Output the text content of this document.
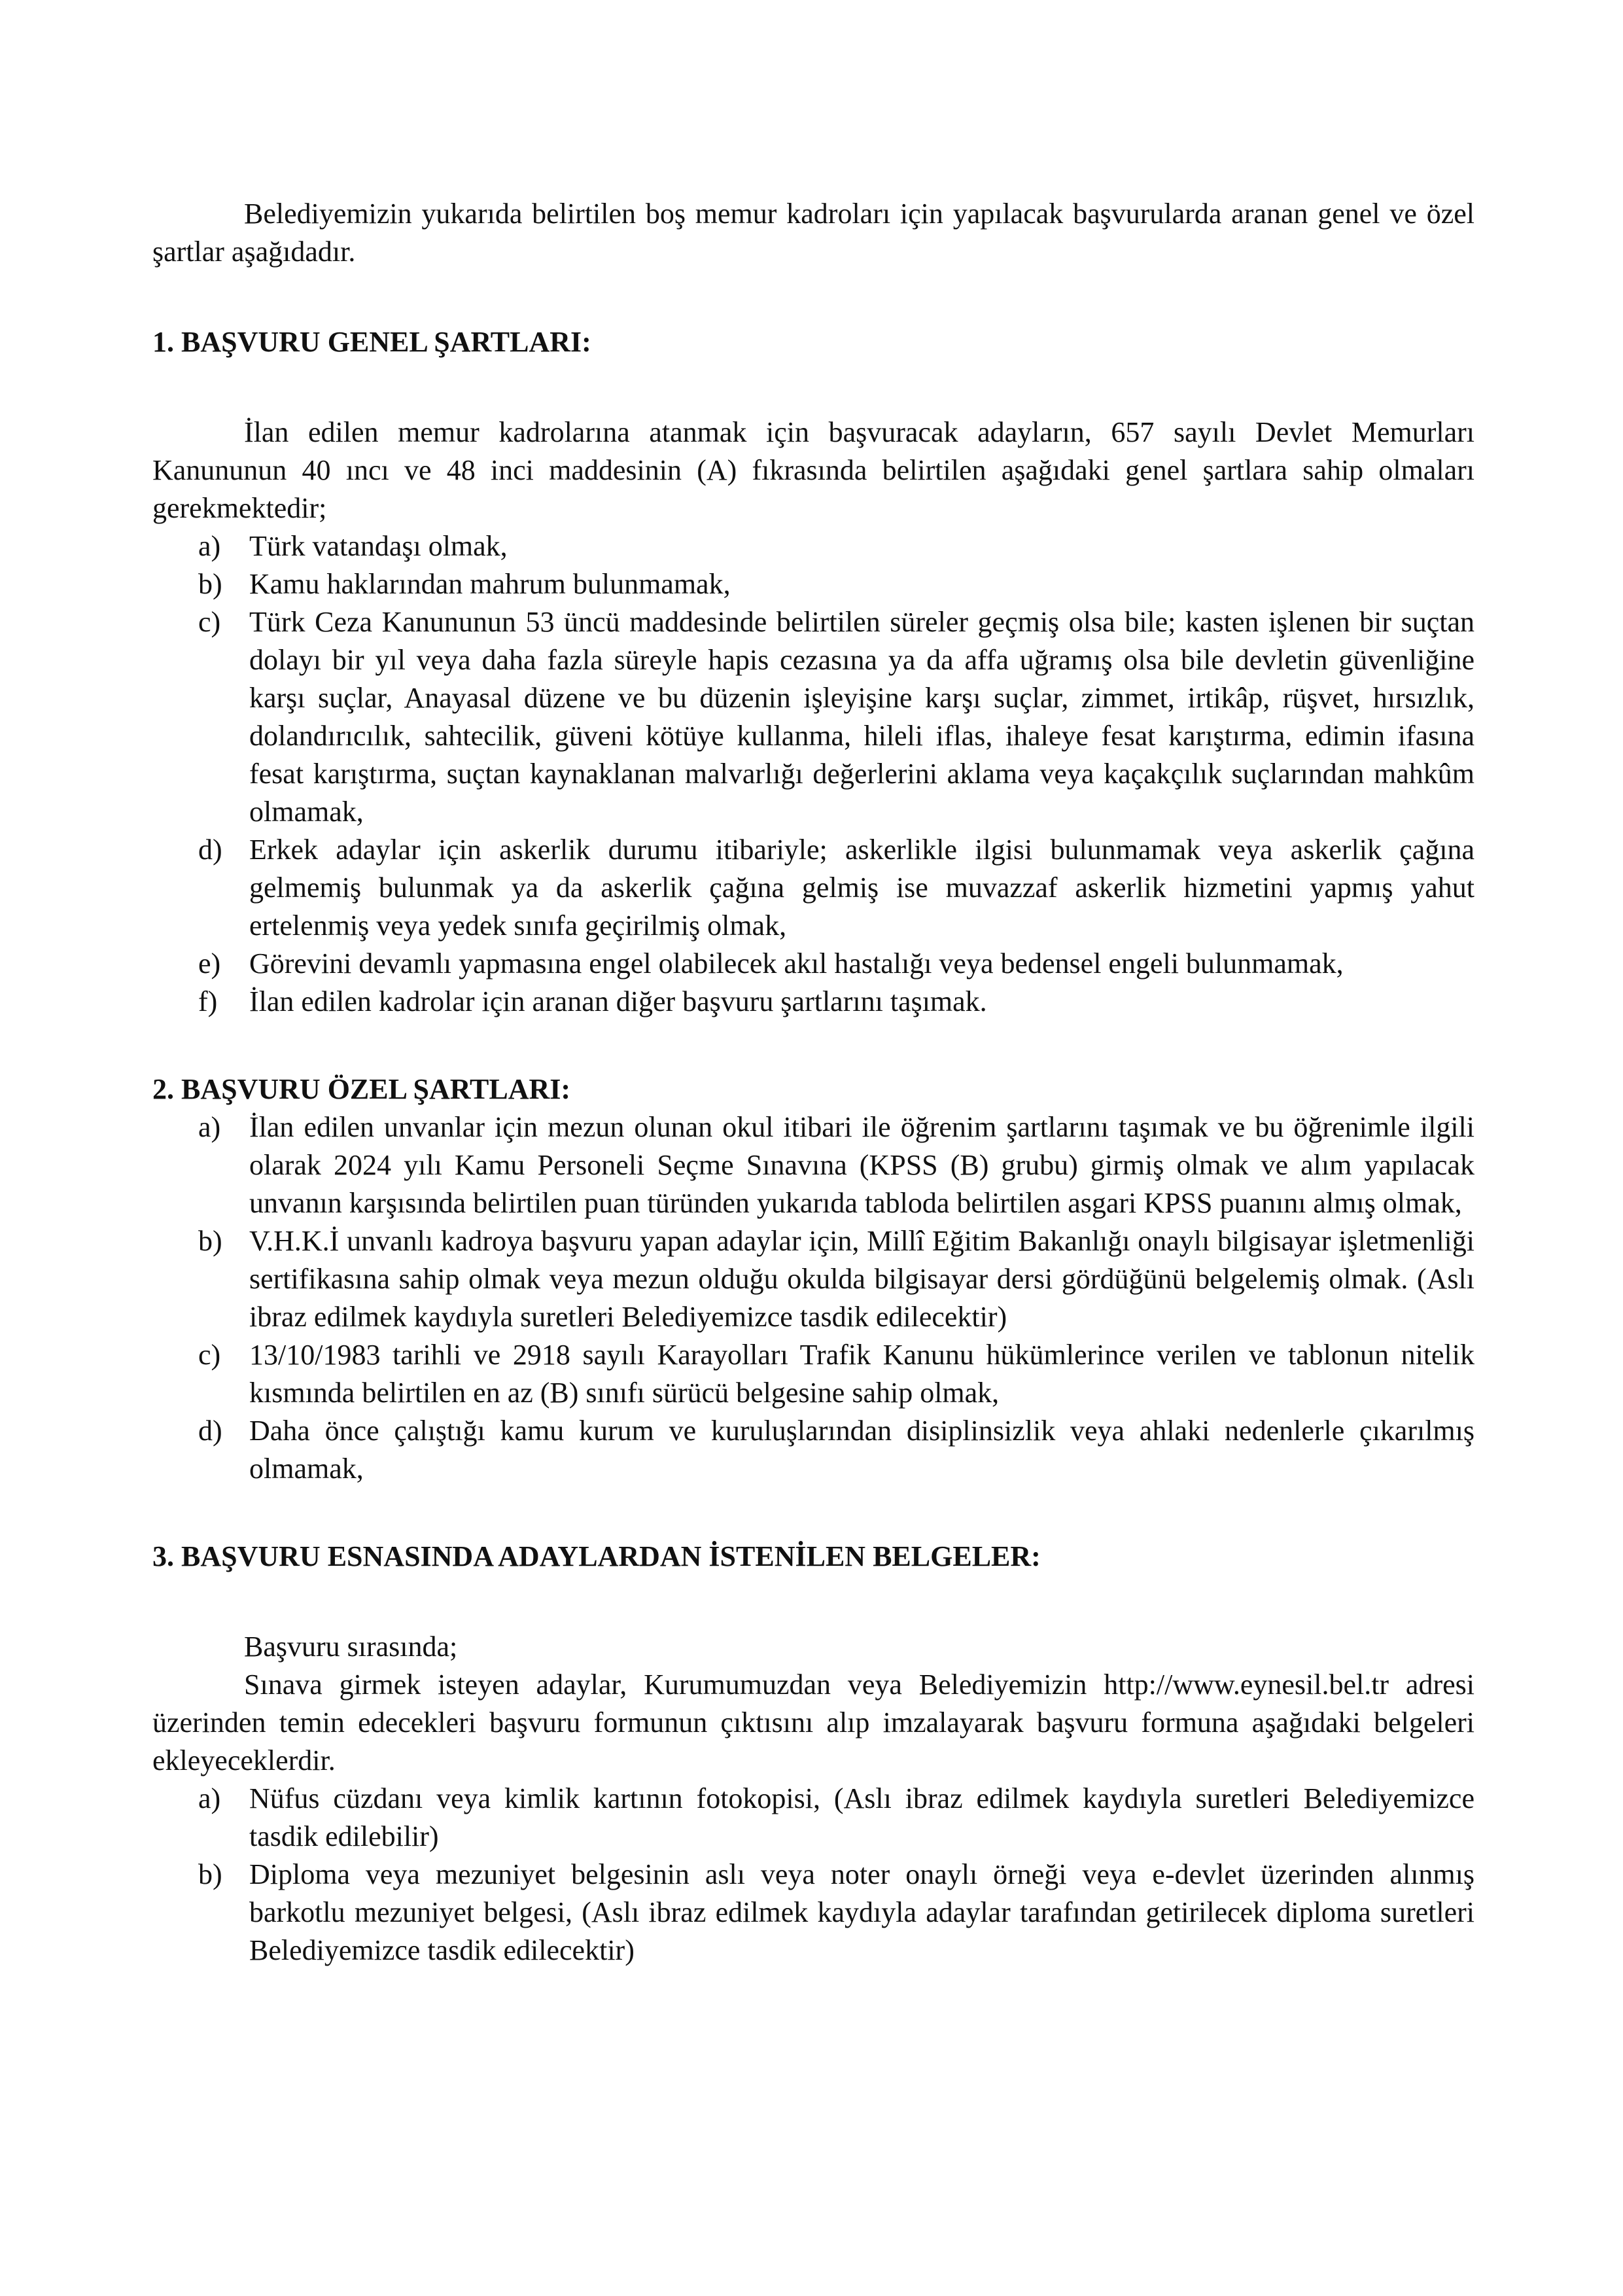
Belediyemizin yukarıda belirtilen boş memur kadroları için yapılacak başvurularda aranan genel ve özel şartlar aşağıdadır.

1. BAŞVURU GENEL ŞARTLARI:

İlan edilen memur kadrolarına atanmak için başvuracak adayların, 657 sayılı Devlet Memurları Kanununun 40 ıncı ve 48 inci maddesinin (A) fıkrasında belirtilen aşağıdaki genel şartlara sahip olmaları gerekmektedir;

a) Türk vatandaşı olmak,
b) Kamu haklarından mahrum bulunmamak,
c) Türk Ceza Kanununun 53 üncü maddesinde belirtilen süreler geçmiş olsa bile; kasten işlenen bir suçtan dolayı bir yıl veya daha fazla süreyle hapis cezasına ya da affa uğramış olsa bile devletin güvenliğine karşı suçlar, Anayasal düzene ve bu düzenin işleyişine karşı suçlar, zimmet, irtikâp, rüşvet, hırsızlık, dolandırıcılık, sahtecilik, güveni kötüye kullanma, hileli iflas, ihaleye fesat karıştırma, edimin ifasına fesat karıştırma, suçtan kaynaklanan malvarlığı değerlerini aklama veya kaçakçılık suçlarından mahkûm olmamak,
d) Erkek adaylar için askerlik durumu itibariyle; askerlikle ilgisi bulunmamak veya askerlik çağına gelmemiş bulunmak ya da askerlik çağına gelmiş ise muvazzaf askerlik hizmetini yapmış yahut ertelenmiş veya yedek sınıfa geçirilmiş olmak,
e) Görevini devamlı yapmasına engel olabilecek akıl hastalığı veya bedensel engeli bulunmamak,
f) İlan edilen kadrolar için aranan diğer başvuru şartlarını taşımak.
2. BAŞVURU ÖZEL ŞARTLARI:
a) İlan edilen unvanlar için mezun olunan okul itibari ile öğrenim şartlarını taşımak ve bu öğrenimle ilgili olarak 2024 yılı Kamu Personeli Seçme Sınavına (KPSS (B) grubu) girmiş olmak ve alım yapılacak unvanın karşısında belirtilen puan türünden yukarıda tabloda belirtilen asgari KPSS puanını almış olmak,
b) V.H.K.İ unvanlı kadroya başvuru yapan adaylar için, Millî Eğitim Bakanlığı onaylı bilgisayar işletmenliği sertifikasına sahip olmak veya mezun olduğu okulda bilgisayar dersi gördüğünü belgelemiş olmak. (Aslı ibraz edilmek kaydıyla suretleri Belediyemizce tasdik edilecektir)
c) 13/10/1983 tarihli ve 2918 sayılı Karayolları Trafik Kanunu hükümlerince verilen ve tablonun nitelik kısmında belirtilen en az (B) sınıfı sürücü belgesine sahip olmak,
d) Daha önce çalıştığı kamu kurum ve kuruluşlarından disiplinsizlik veya ahlaki nedenlerle çıkarılmış olmamak,
3. BAŞVURU ESNASINDA ADAYLARDAN İSTENİLEN BELGELER:

Başvuru sırasında;

Sınava girmek isteyen adaylar, Kurumumuzdan veya Belediyemizin http://www.eynesil.bel.tr adresi üzerinden temin edecekleri başvuru formunun çıktısını alıp imzalayarak başvuru formuna aşağıdaki belgeleri ekleyeceklerdir.

a) Nüfus cüzdanı veya kimlik kartının fotokopisi, (Aslı ibraz edilmek kaydıyla suretleri Belediyemizce tasdik edilebilir)
b) Diploma veya mezuniyet belgesinin aslı veya noter onaylı örneği veya e-devlet üzerinden alınmış barkotlu mezuniyet belgesi, (Aslı ibraz edilmek kaydıyla adaylar tarafından getirilecek diploma suretleri Belediyemizce tasdik edilecektir)
